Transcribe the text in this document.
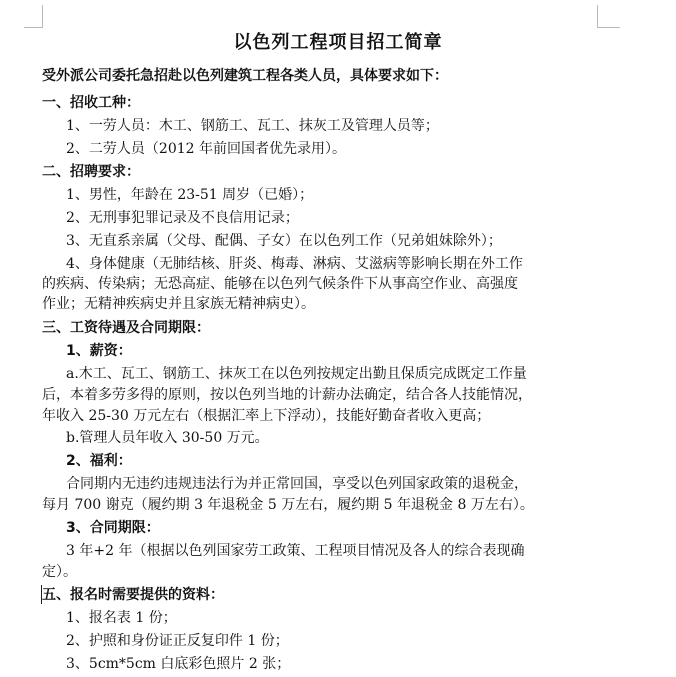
以色列工程项目招工简章
受外派公司委托急招赴以色列建筑工程各类人员，具体要求如下：
一、招收工种：
1、一劳人员：木工、钢筋工、瓦工、抹灰工及管理人员等；
2、二劳人员（2012 年前回国者优先录用）。
二、招聘要求：
1、男性，年龄在 23-51 周岁（已婚）；
2、无刑事犯罪记录及不良信用记录；
3、无直系亲属（父母、配偶、子女）在以色列工作（兄弟姐妹除外）；
4、身体健康（无肺结核、肝炎、梅毒、淋病、艾滋病等影响长期在外工作
的疾病、传染病；无恐高症、能够在以色列气候条件下从事高空作业、高强度
作业；无精神疾病史并且家族无精神病史）。
三、工资待遇及合同期限：
1、薪资：
a.木工、瓦工、钢筋工、抹灰工在以色列按规定出勤且保质完成既定工作量
后，本着多劳多得的原则，按以色列当地的计薪办法确定，结合各人技能情况，
年收入 25-30 万元左右（根据汇率上下浮动），技能好勤奋者收入更高；
b.管理人员年收入 30-50 万元。
2、福利：
合同期内无违约违规违法行为并正常回国，享受以色列国家政策的退税金，
每月 700 谢克（履约期 3 年退税金 5 万左右，履约期 5 年退税金 8 万左右）。
3、合同期限：
3 年+2 年（根据以色列国家劳工政策、工程项目情况及各人的综合表现确
定）。
五、报名时需要提供的资料：
1、报名表 1 份；
2、护照和身份证正反复印件 1 份；
3、5cm*5cm 白底彩色照片 2 张；
